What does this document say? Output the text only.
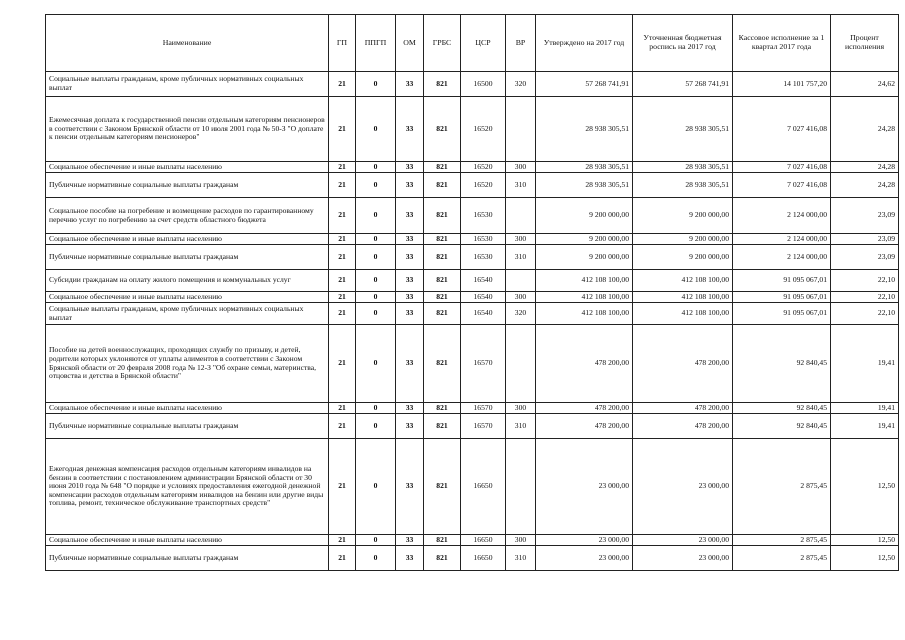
Наименование	ГП	ППГП	ОМ	ГРБС	ЦСР	ВР	Утверждено на 2017 год	Уточненная бюджетная роспись на 2017 год	Кассовое исполнение за 1 квартал 2017 года	Процент исполнения
Социальные выплаты гражданам, кроме публичных нормативных социальных выплат	21	0	33	821	16500	320	57 268 741,91	57 268 741,91	14 101 757,20	24,62
Ежемесячная доплата к государственной пенсии отдельным категориям пенсионеров в соответствии с Законом Брянской области от 10 июля 2001 года № 50-З "О доплате к пенсии отдельным категориям пенсионеров"	21	0	33	821	16520		28 938 305,51	28 938 305,51	7 027 416,08	24,28
Социальное обеспечение и иные выплаты населению	21	0	33	821	16520	300	28 938 305,51	28 938 305,51	7 027 416,08	24,28
Публичные нормативные социальные выплаты гражданам	21	0	33	821	16520	310	28 938 305,51	28 938 305,51	7 027 416,08	24,28
Социальное пособие на погребение и возмещение расходов по гарантированному перечню услуг по погребению за счет средств областного бюджета	21	0	33	821	16530		9 200 000,00	9 200 000,00	2 124 000,00	23,09
Социальное обеспечение и иные выплаты населению	21	0	33	821	16530	300	9 200 000,00	9 200 000,00	2 124 000,00	23,09
Публичные нормативные социальные выплаты гражданам	21	0	33	821	16530	310	9 200 000,00	9 200 000,00	2 124 000,00	23,09
Субсидии гражданам на оплату жилого помещения и коммунальных услуг	21	0	33	821	16540		412 108 100,00	412 108 100,00	91 095 067,01	22,10
Социальное обеспечение и иные выплаты населению	21	0	33	821	16540	300	412 108 100,00	412 108 100,00	91 095 067,01	22,10
Социальные выплаты гражданам, кроме публичных нормативных социальных выплат	21	0	33	821	16540	320	412 108 100,00	412 108 100,00	91 095 067,01	22,10
Пособие на детей военнослужащих, проходящих службу по призыву, и детей, родители которых уклоняются от уплаты алиментов в соответствии с Законом Брянской области от 20 февраля 2008 года № 12-З "Об охране семьи, материнства, отцовства и детства в Брянской области"	21	0	33	821	16570		478 200,00	478 200,00	92 840,45	19,41
Социальное обеспечение и иные выплаты населению	21	0	33	821	16570	300	478 200,00	478 200,00	92 840,45	19,41
Публичные нормативные социальные выплаты гражданам	21	0	33	821	16570	310	478 200,00	478 200,00	92 840,45	19,41
Ежегодная денежная компенсация расходов отдельным категориям инвалидов на бензин в соответствии с постановлением администрации Брянской области от 30 июня 2010 года № 648 "О порядке и условиях предоставления ежегодной денежной компенсации расходов отдельным категориям инвалидов на бензин или другие виды топлива, ремонт, техническое обслуживание транспортных средств"	21	0	33	821	16650		23 000,00	23 000,00	2 875,45	12,50
Социальное обеспечение и иные выплаты населению	21	0	33	821	16650	300	23 000,00	23 000,00	2 875,45	12,50
Публичные нормативные социальные выплаты гражданам	21	0	33	821	16650	310	23 000,00	23 000,00	2 875,45	12,50
